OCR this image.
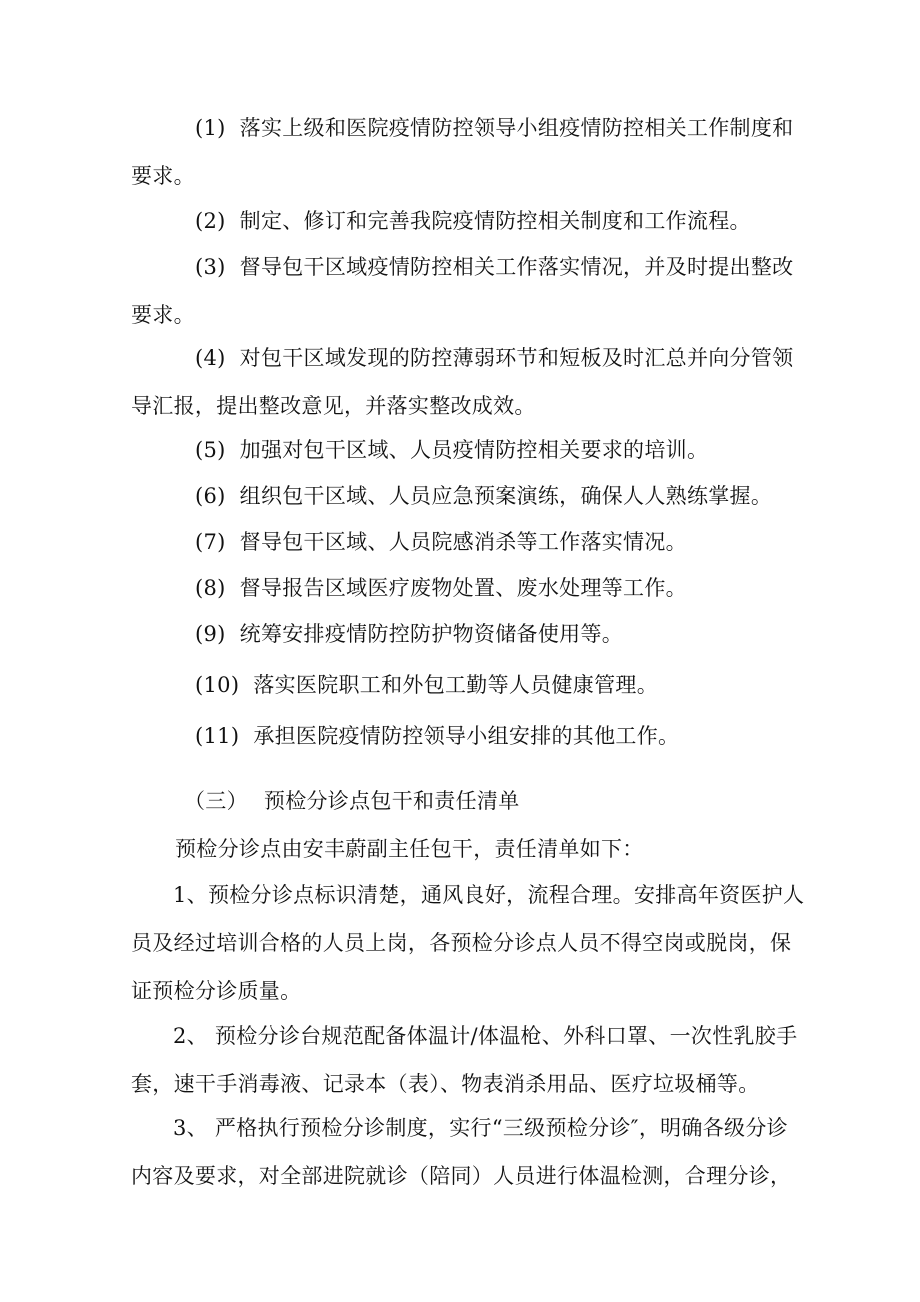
(1) 落实上级和医院疫情防控领导小组疫情防控相关工作制度和要求。

(2) 制定、修订和完善我院疫情防控相关制度和工作流程。

(3) 督导包干区域疫情防控相关工作落实情况，并及时提出整改要求。

(4) 对包干区域发现的防控薄弱环节和短板及时汇总并向分管领导汇报，提出整改意见，并落实整改成效。

(5) 加强对包干区域、人员疫情防控相关要求的培训。

(6) 组织包干区域、人员应急预案演练，确保人人熟练掌握。

(7) 督导包干区域、人员院感消杀等工作落实情况。

(8) 督导报告区域医疗废物处置、废水处理等工作。

(9) 统筹安排疫情防控防护物资储备使用等。

(10) 落实医院职工和外包工勤等人员健康管理。

(11) 承担医院疫情防控领导小组安排的其他工作。

（三） 预检分诊点包干和责任清单

预检分诊点由安丰蔚副主任包干，责任清单如下：

1、预检分诊点标识清楚，通风良好，流程合理。安排高年资医护人员及经过培训合格的人员上岗，各预检分诊点人员不得空岗或脱岗，保证预检分诊质量。

2、 预检分诊台规范配备体温计/体温枪、外科口罩、一次性乳胶手套，速干手消毒液、记录本（表）、物表消杀用品、医疗垃圾桶等。

3、 严格执行预检分诊制度，实行“三级预检分诊″，明确各级分诊内容及要求，对全部进院就诊（陪同）人员进行体温检测，合理分诊，
